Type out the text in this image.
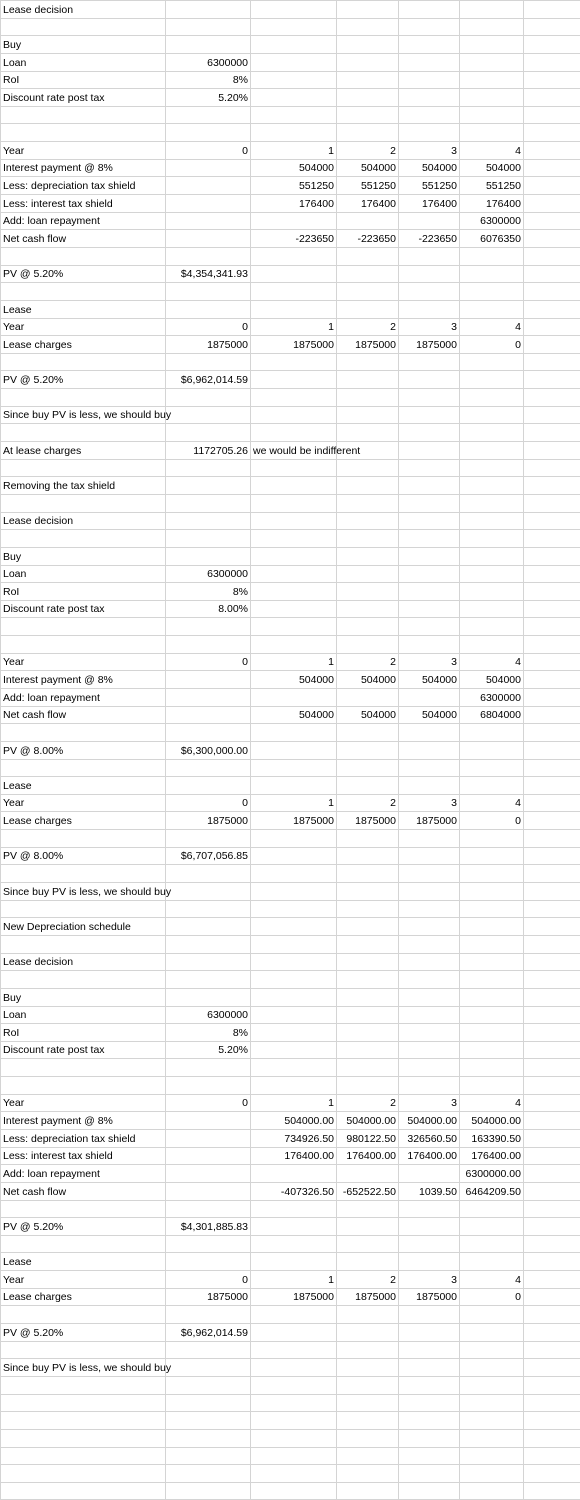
Lease decision						

Buy						
Loan	6300000					
RoI	8%					
Discount rate post tax	5.20%					

Year	0	1	2	3	4	
Interest payment @ 8%		504000	504000	504000	504000	
Less: depreciation tax shield		551250	551250	551250	551250	
Less: interest tax shield		176400	176400	176400	176400	
Add: loan repayment					6300000	
Net cash flow		-223650	-223650	-223650	6076350	

PV @ 5.20%	$4,354,341.93					

Lease						
Year	0	1	2	3	4	
Lease charges	1875000	1875000	1875000	1875000	0	

PV @ 5.20%	$6,962,014.59					

Since buy PV is less, we should buy						

At lease charges	1172705.26	we would be indifferent				

Removing the tax shield						

Lease decision						

Buy						
Loan	6300000					
RoI	8%					
Discount rate post tax	8.00%					

Year	0	1	2	3	4	
Interest payment @ 8%		504000	504000	504000	504000	
Add: loan repayment					6300000	
Net cash flow		504000	504000	504000	6804000	

PV @ 8.00%	$6,300,000.00					

Lease						
Year	0	1	2	3	4	
Lease charges	1875000	1875000	1875000	1875000	0	

PV @ 8.00%	$6,707,056.85					

Since buy PV is less, we should buy						

New Depreciation schedule						

Lease decision						

Buy						
Loan	6300000					
RoI	8%					
Discount rate post tax	5.20%					

Year	0	1	2	3	4	
Interest payment @ 8%		504000.00	504000.00	504000.00	504000.00	
Less: depreciation tax shield		734926.50	980122.50	326560.50	163390.50	
Less: interest tax shield		176400.00	176400.00	176400.00	176400.00	
Add: loan repayment					6300000.00	
Net cash flow		-407326.50	-652522.50	1039.50	6464209.50	

PV @ 5.20%	$4,301,885.83					

Lease						
Year	0	1	2	3	4	
Lease charges	1875000	1875000	1875000	1875000	0	

PV @ 5.20%	$6,962,014.59					

Since buy PV is less, we should buy						
